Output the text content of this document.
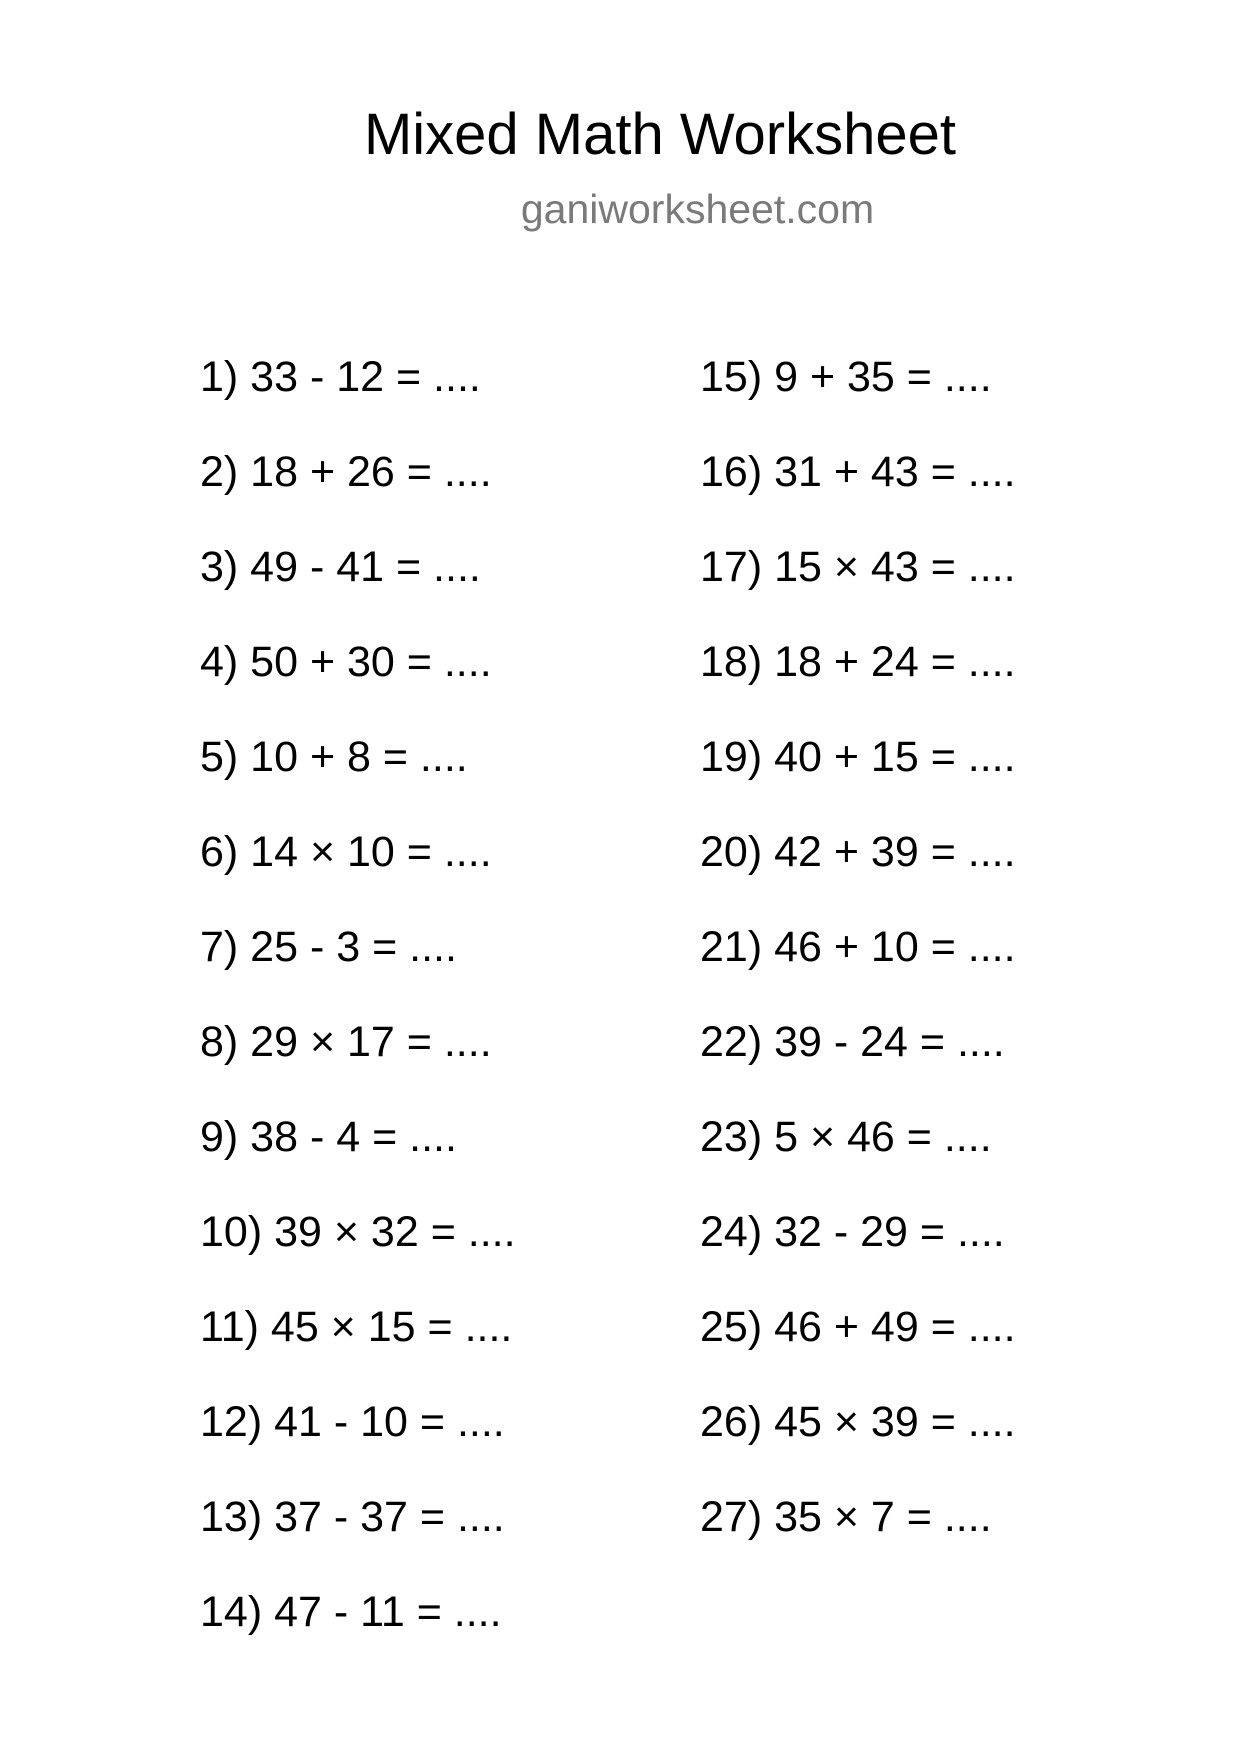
Mixed Math Worksheet
ganiworksheet.com
1) 33 - 12 = ....
2) 18 + 26 = ....
3) 49 - 41 = ....
4) 50 + 30 = ....
5) 10 + 8 = ....
6) 14 × 10 = ....
7) 25 - 3 = ....
8) 29 × 17 = ....
9) 38 - 4 = ....
10) 39 × 32 = ....
11) 45 × 15 = ....
12) 41 - 10 = ....
13) 37 - 37 = ....
14) 47 - 11 = ....
15) 9 + 35 = ....
16) 31 + 43 = ....
17) 15 × 43 = ....
18) 18 + 24 = ....
19) 40 + 15 = ....
20) 42 + 39 = ....
21) 46 + 10 = ....
22) 39 - 24 = ....
23) 5 × 46 = ....
24) 32 - 29 = ....
25) 46 + 49 = ....
26) 45 × 39 = ....
27) 35 × 7 = ....
